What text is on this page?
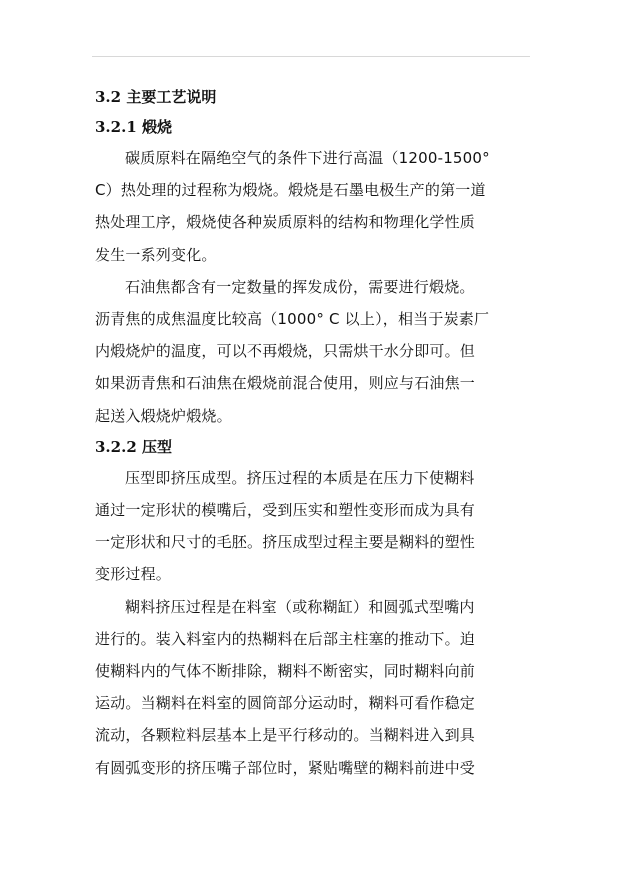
3.2 主要工艺说明
3.2.1 煅烧

碳质原料在隔绝空气的条件下进行高温（1200-1500°
C）热处理的过程称为煅烧。煅烧是石墨电极生产的第一道
热处理工序，煅烧使各种炭质原料的结构和物理化学性质
发生一系列变化。

石油焦都含有一定数量的挥发成份，需要进行煅烧。
沥青焦的成焦温度比较高（1000° C 以上），相当于炭素厂
内煅烧炉的温度，可以不再煅烧，只需烘干水分即可。但
如果沥青焦和石油焦在煅烧前混合使用，则应与石油焦一
起送入煅烧炉煅烧。

3.2.2 压型

压型即挤压成型。挤压过程的本质是在压力下使糊料
通过一定形状的模嘴后，受到压实和塑性变形而成为具有
一定形状和尺寸的毛胚。挤压成型过程主要是糊料的塑性
变形过程。

糊料挤压过程是在料室（或称糊缸）和圆弧式型嘴内
进行的。装入料室内的热糊料在后部主柱塞的推动下。迫
使糊料内的气体不断排除，糊料不断密实，同时糊料向前
运动。当糊料在料室的圆筒部分运动时，糊料可看作稳定
流动，各颗粒料层基本上是平行移动的。当糊料进入到具
有圆弧变形的挤压嘴子部位时，紧贴嘴壁的糊料前进中受
